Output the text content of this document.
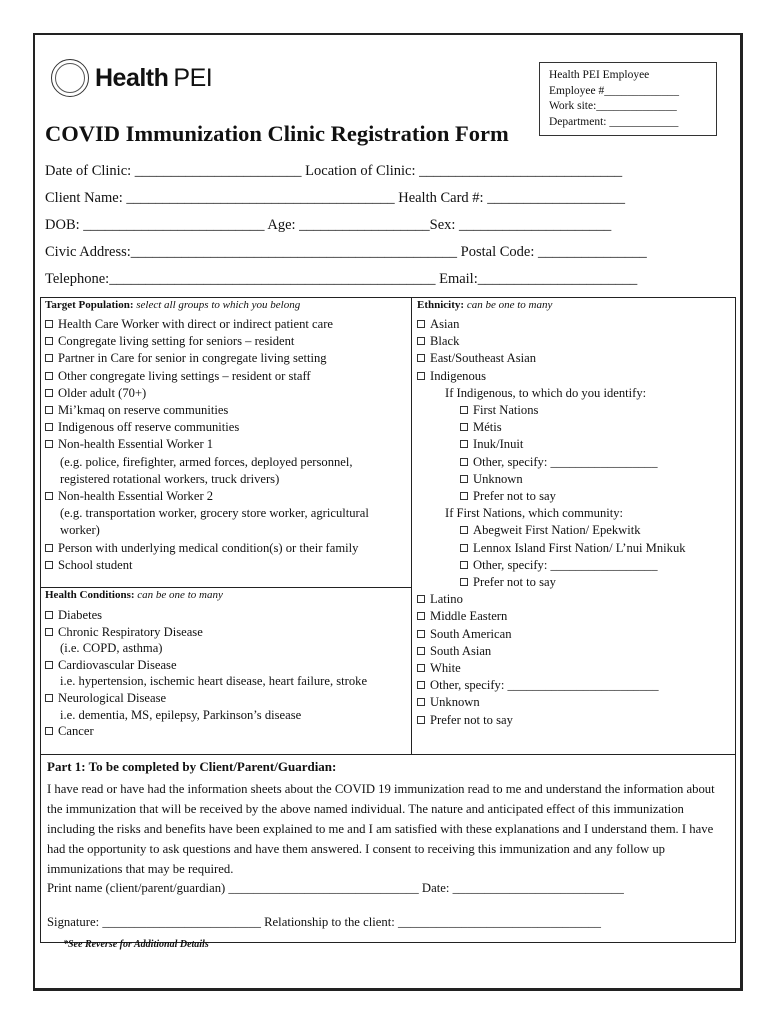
Health PEI	Health PEI Employee
Employee #_____________
Work site:______________
Department: ____________
COVID Immunization Clinic Registration Form
Date of Clinic: _______________________ Location of Clinic: ____________________________
Client Name: _____________________________________ Health Card #: ___________________
DOB: _________________________ Age: __________________Sex: _____________________
Civic Address:_____________________________________________ Postal Code: _______________
Telephone:_____________________________________________ Email:______________________
Target Population: select all groups to which you belong
Health Care Worker with direct or indirect patient care
Congregate living setting for seniors – resident
Partner in Care for senior in congregate living setting
Other congregate living settings – resident or staff
Older adult (70+)
Mi’kmaq on reserve communities
Indigenous off reserve communities
Non-health Essential Worker 1
(e.g. police, firefighter, armed forces, deployed personnel,
registered rotational workers, truck drivers)
Non-health Essential Worker 2
(e.g. transportation worker, grocery store worker, agricultural
worker)
Person with underlying medical condition(s) or their family
School student
Health Conditions: can be one to many
Diabetes
Chronic Respiratory Disease
(i.e. COPD, asthma)
Cardiovascular Disease
i.e. hypertension, ischemic heart disease, heart failure, stroke
Neurological Disease
i.e. dementia, MS, epilepsy, Parkinson’s disease
Cancer
Ethnicity: can be one to many
Asian
Black
East/Southeast Asian
Indigenous
If Indigenous, to which do you identify:
First Nations
Métis
Inuk/Inuit
Other, specify: _________________
Unknown
Prefer not to say
If First Nations, which community:
Abegweit First Nation/ Epekwitk
Lennox Island First Nation/ L’nui Mnikuk
Other, specify: _________________
Prefer not to say
Latino
Middle Eastern
South American
South Asian
White
Other, specify: ________________________
Unknown
Prefer not to say
Part 1: To be completed by Client/Parent/Guardian:

I have read or have had the information sheets about the COVID 19 immunization read to me and understand the information about the immunization that will be received by the above named individual. The nature and anticipated effect of this immunization including the risks and benefits have been explained to me and I am satisfied with these explanations and I understand them. I have had the opportunity to ask questions and have them answered. I consent to receiving this immunization and any follow up immunizations that may be required.

Print name (client/parent/guardian) ______________________________ Date: ___________________________
Signature: _________________________ Relationship to the client: ________________________________
*See Reverse for Additional Details
